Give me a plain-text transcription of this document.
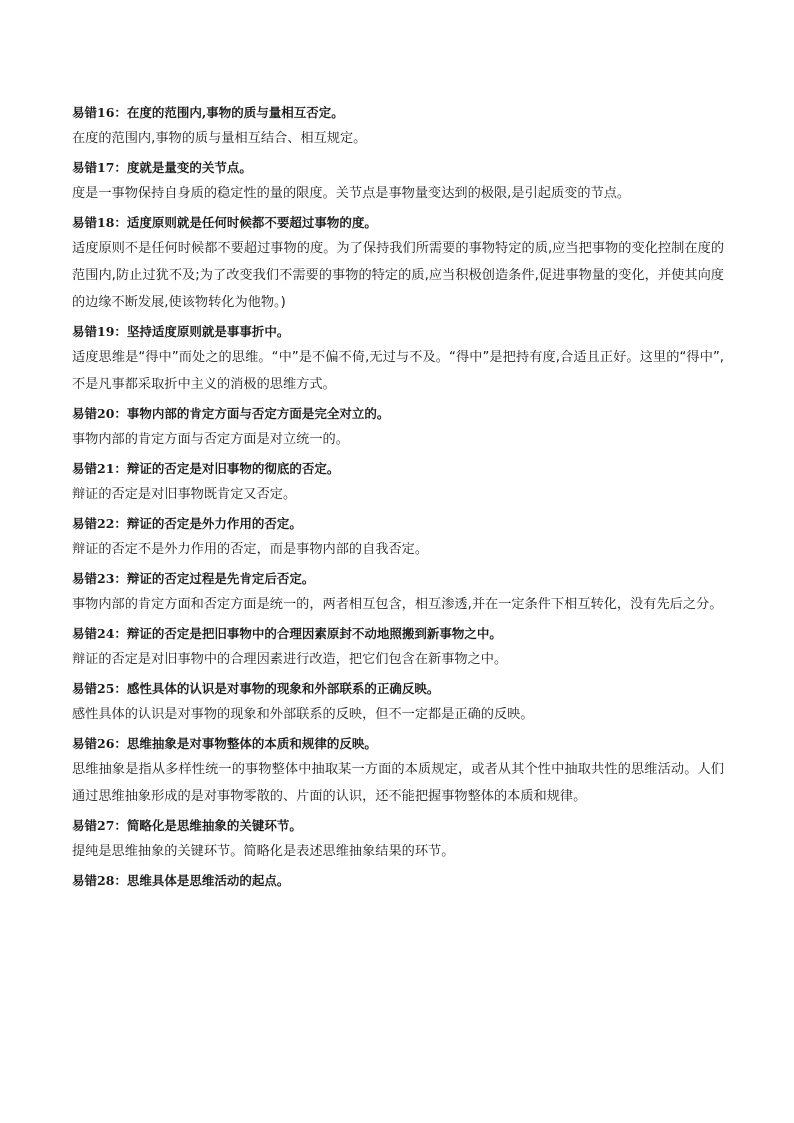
易错16：在度的范围内,事物的质与量相互否定。

在度的范围内,事物的质与量相互结合、相互规定。

易错17：度就是量变的关节点。

度是一事物保持自身质的稳定性的量的限度。关节点是事物量变达到的极限,是引起质变的节点。

易错18：适度原则就是任何时候都不要超过事物的度。

适度原则不是任何时候都不要超过事物的度。为了保持我们所需要的事物特定的质,应当把事物的变化控制在度的范围内,防止过犹不及;为了改变我们不需要的事物的特定的质,应当积极创造条件,促进事物量的变化，并使其向度的边缘不断发展,使该物转化为他物。)

易错19：坚持适度原则就是事事折中。

适度思维是“得中”而处之的思维。“中”是不偏不倚,无过与不及。“得中”是把持有度,合适且正好。这里的“得中”,不是凡事都采取折中主义的消极的思维方式。

易错20：事物内部的肯定方面与否定方面是完全对立的。

事物内部的肯定方面与否定方面是对立统一的。

易错21：辩证的否定是对旧事物的彻底的否定。

辩证的否定是对旧事物既肯定又否定。

易错22：辩证的否定是外力作用的否定。

辩证的否定不是外力作用的否定，而是事物内部的自我否定。

易错23：辩证的否定过程是先肯定后否定。

事物内部的肯定方面和否定方面是统一的，两者相互包含，相互渗透,并在一定条件下相互转化，没有先后之分。

易错24：辩证的否定是把旧事物中的合理因素原封不动地照搬到新事物之中。

辩证的否定是对旧事物中的合理因素进行改造，把它们包含在新事物之中。

易错25：感性具体的认识是对事物的现象和外部联系的正确反映。

感性具体的认识是对事物的现象和外部联系的反映，但不一定都是正确的反映。

易错26：思维抽象是对事物整体的本质和规律的反映。

思维抽象是指从多样性统一的事物整体中抽取某一方面的本质规定，或者从其个性中抽取共性的思维活动。人们通过思维抽象形成的是对事物零散的、片面的认识，还不能把握事物整体的本质和规律。

易错27：简略化是思维抽象的关键环节。

提纯是思维抽象的关键环节。简略化是表述思维抽象结果的环节。

易错28：思维具体是思维活动的起点。
